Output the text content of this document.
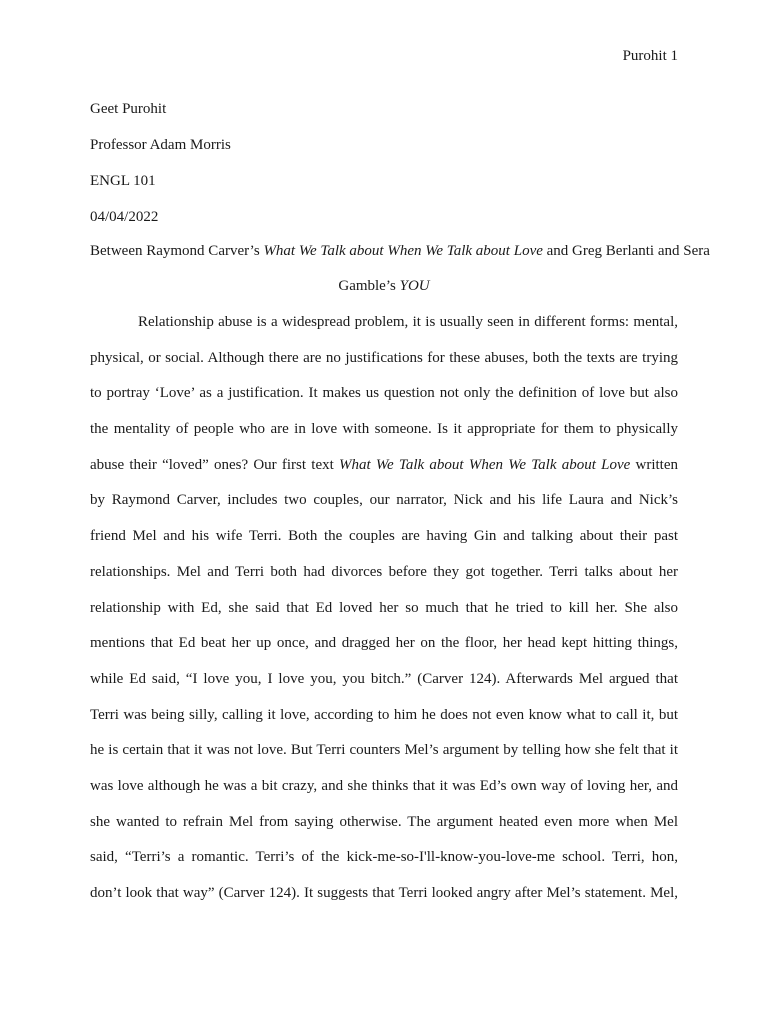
Purohit 1
Geet Purohit
Professor Adam Morris
ENGL 101
04/04/2022
Between Raymond Carver’s What We Talk about When We Talk about Love and Greg Berlanti and Sera
Gamble’s YOU
Relationship abuse is a widespread problem, it is usually seen in different forms: mental,
physical, or social. Although there are no justifications for these abuses, both the texts are trying
to portray ‘Love’ as a justification. It makes us question not only the definition of love but also
the mentality of people who are in love with someone. Is it appropriate for them to physically
abuse their “loved” ones? Our first text What We Talk about When We Talk about Love written
by Raymond Carver, includes two couples, our narrator, Nick and his life Laura and Nick’s
friend Mel and his wife Terri. Both the couples are having Gin and talking about their past
relationships. Mel and Terri both had divorces before they got together. Terri talks about her
relationship with Ed, she said that Ed loved her so much that he tried to kill her. She also
mentions that Ed beat her up once, and dragged her on the floor, her head kept hitting things,
while Ed said, “I love you, I love you, you bitch.” (Carver 124). Afterwards Mel argued that
Terri was being silly, calling it love, according to him he does not even know what to call it, but
he is certain that it was not love. But Terri counters Mel’s argument by telling how she felt that it
was love although he was a bit crazy, and she thinks that it was Ed’s own way of loving her, and
she wanted to refrain Mel from saying otherwise. The argument heated even more when Mel
said, “Terri’s a romantic. Terri’s of the kick-me-so-I'll-know-you-love-me school. Terri, hon,
don’t look that way” (Carver 124). It suggests that Terri looked angry after Mel’s statement. Mel,
